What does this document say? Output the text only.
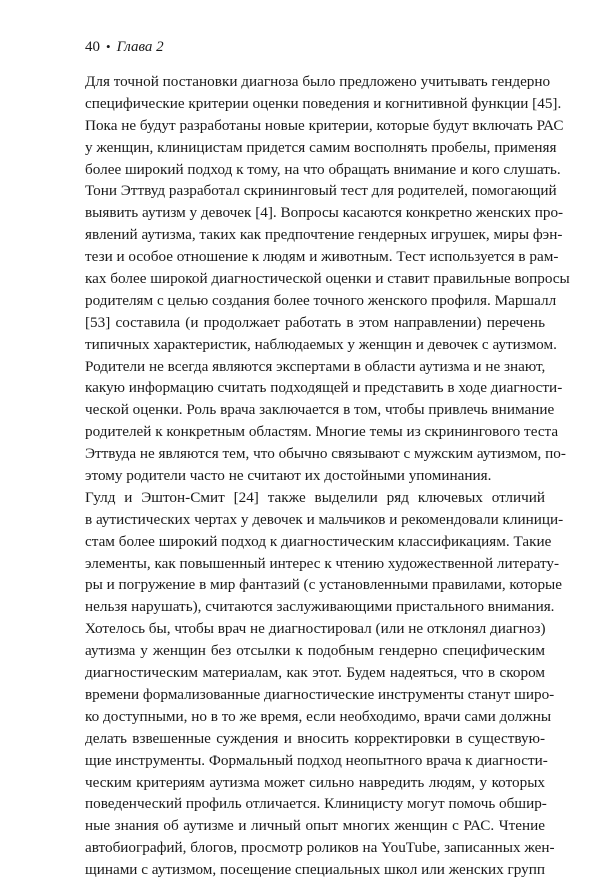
40 • Глава 2
Для точной постановки диагноза было предложено учитывать гендерно
специфические критерии оценки поведения и когнитивной функции [45].
Пока не будут разработаны новые критерии, которые будут включать РАС
у женщин, клиницистам придется самим восполнять пробелы, применяя
более широкий подход к тому, на что обращать внимание и кого слушать.
Тони Эттвуд разработал скрининговый тест для родителей, помогающий
выявить аутизм у девочек [4]. Вопросы касаются конкретно женских про-
явлений аутизма, таких как предпочтение гендерных игрушек, миры фэн-
тези и особое отношение к людям и животным. Тест используется в рам-
ках более широкой диагностической оценки и ставит правильные вопросы
родителям с целью создания более точного женского профиля. Маршалл
[53] составила (и продолжает работать в этом направлении) перечень
типичных характеристик, наблюдаемых у женщин и девочек с аутизмом.
Родители не всегда являются экспертами в области аутизма и не знают,
какую информацию считать подходящей и представить в ходе диагности-
ческой оценки. Роль врача заключается в том, чтобы привлечь внимание
родителей к конкретным областям. Многие темы из скринингового теста
Эттвуда не являются тем, что обычно связывают с мужским аутизмом, по-
этому родители часто не считают их достойными упоминания.
Гулд и Эштон-Смит [24] также выделили ряд ключевых отличий
в аутистических чертах у девочек и мальчиков и рекомендовали клиници-
стам более широкий подход к диагностическим классификациям. Такие
элементы, как повышенный интерес к чтению художественной литерату-
ры и погружение в мир фантазий (с установленными правилами, которые
нельзя нарушать), считаются заслуживающими пристального внимания.
Хотелось бы, чтобы врач не диагностировал (или не отклонял диагноз)
аутизма у женщин без отсылки к подобным гендерно специфическим
диагностическим материалам, как этот. Будем надеяться, что в скором
времени формализованные диагностические инструменты станут широ-
ко доступными, но в то же время, если необходимо, врачи сами должны
делать взвешенные суждения и вносить корректировки в существую-
щие инструменты. Формальный подход неопытного врача к диагности-
ческим критериям аутизма может сильно навредить людям, у которых
поведенческий профиль отличается. Клиницисту могут помочь обшир-
ные знания об аутизме и личный опыт многих женщин с РАС. Чтение
автобиографий, блогов, просмотр роликов на YouTube, записанных жен-
щинами с аутизмом, посещение специальных школ или женских групп
